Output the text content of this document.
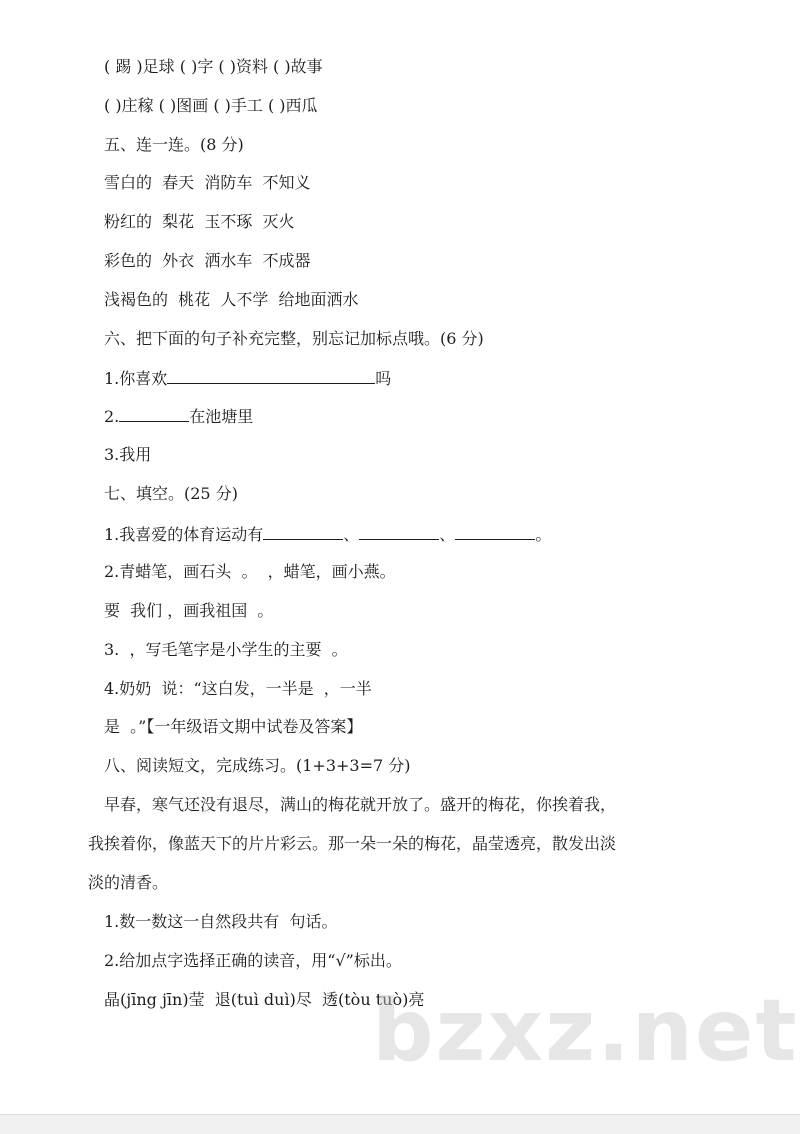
( 踢 )足球 ( )字 ( )资料 ( )故事
( )庄稼 ( )图画 ( )手工 ( )西瓜
五、连一连。(8 分)
雪白的  春天  消防车  不知义
粉红的  梨花  玉不琢  灭火
彩色的  外衣  洒水车  不成器
浅褐色的  桃花  人不学  给地面洒水
六、把下面的句子补充完整，别忘记加标点哦。(6 分)
1.你喜欢	吗
2.	在池塘里
3.我用
七、填空。(25 分)
1.我喜爱的体育运动有	、	、	。
2.青蜡笔，画石头  。  ，蜡笔，画小燕。
要  我们 ，画我祖国  。
3.  ，写毛笔字是小学生的主要  。
4.奶奶  说：“这白发，一半是  ，一半
是  。”【一年级语文期中试卷及答案】
八、阅读短文，完成练习。(1+3+3=7 分)
早春，寒气还没有退尽，满山的梅花就开放了。盛开的梅花，你挨着我，
我挨着你，像蓝天下的片片彩云。那一朵一朵的梅花，晶莹透亮，散发出淡
淡的清香。
1.数一数这一自然段共有  句话。
2.给加点字选择正确的读音，用“√”标出。
晶(jīng jīn)莹  退(tuì duì)尽  透(tòu tuò)亮
bzxz.net
